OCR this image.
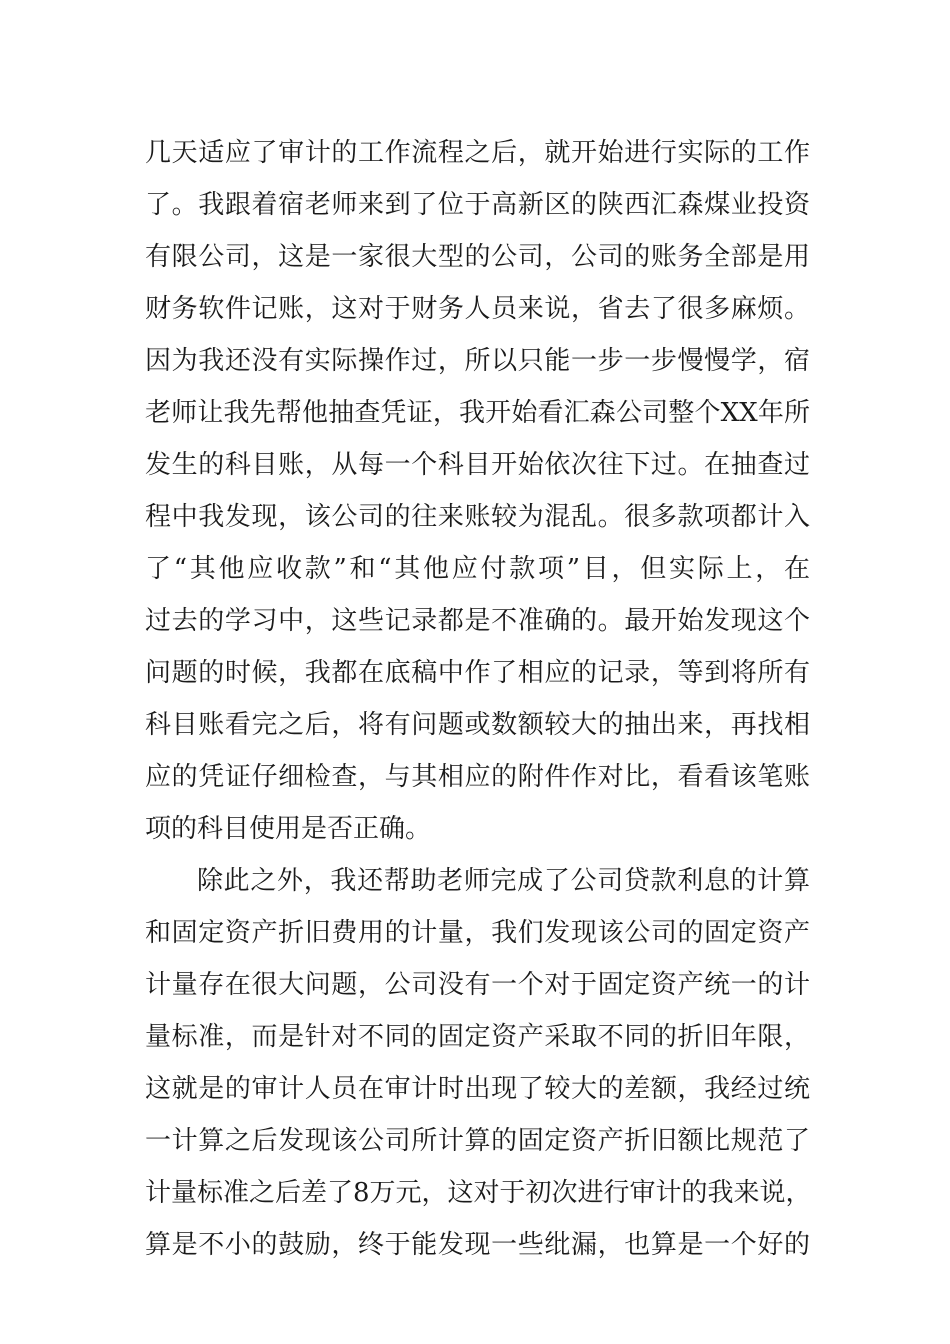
几天适应了审计的工作流程之后，就开始进行实际的工作
了。我跟着宿老师来到了位于高新区的陕西汇森煤业投资
有限公司，这是一家很大型的公司，公司的账务全部是用
财务软件记账，这对于财务人员来说，省去了很多麻烦。
因为我还没有实际操作过，所以只能一步一步慢慢学，宿
老师让我先帮他抽查凭证，我开始看汇森公司整个XX年所
发生的科目账，从每一个科目开始依次往下过。在抽查过
程中我发现，该公司的往来账较为混乱。很多款项都计入
了“其他应收款”和“其他应付款项”目，但实际上，在
过去的学习中，这些记录都是不准确的。最开始发现这个
问题的时候，我都在底稿中作了相应的记录，等到将所有
科目账看完之后，将有问题或数额较大的抽出来，再找相
应的凭证仔细检查，与其相应的附件作对比，看看该笔账
项的科目使用是否正确。
除此之外，我还帮助老师完成了公司贷款利息的计算
和固定资产折旧费用的计量，我们发现该公司的固定资产
计量存在很大问题，公司没有一个对于固定资产统一的计
量标准，而是针对不同的固定资产采取不同的折旧年限，
这就是的审计人员在审计时出现了较大的差额，我经过统
一计算之后发现该公司所计算的固定资产折旧额比规范了
计量标准之后差了8万元，这对于初次进行审计的我来说，
算是不小的鼓励，终于能发现一些纰漏，也算是一个好的
